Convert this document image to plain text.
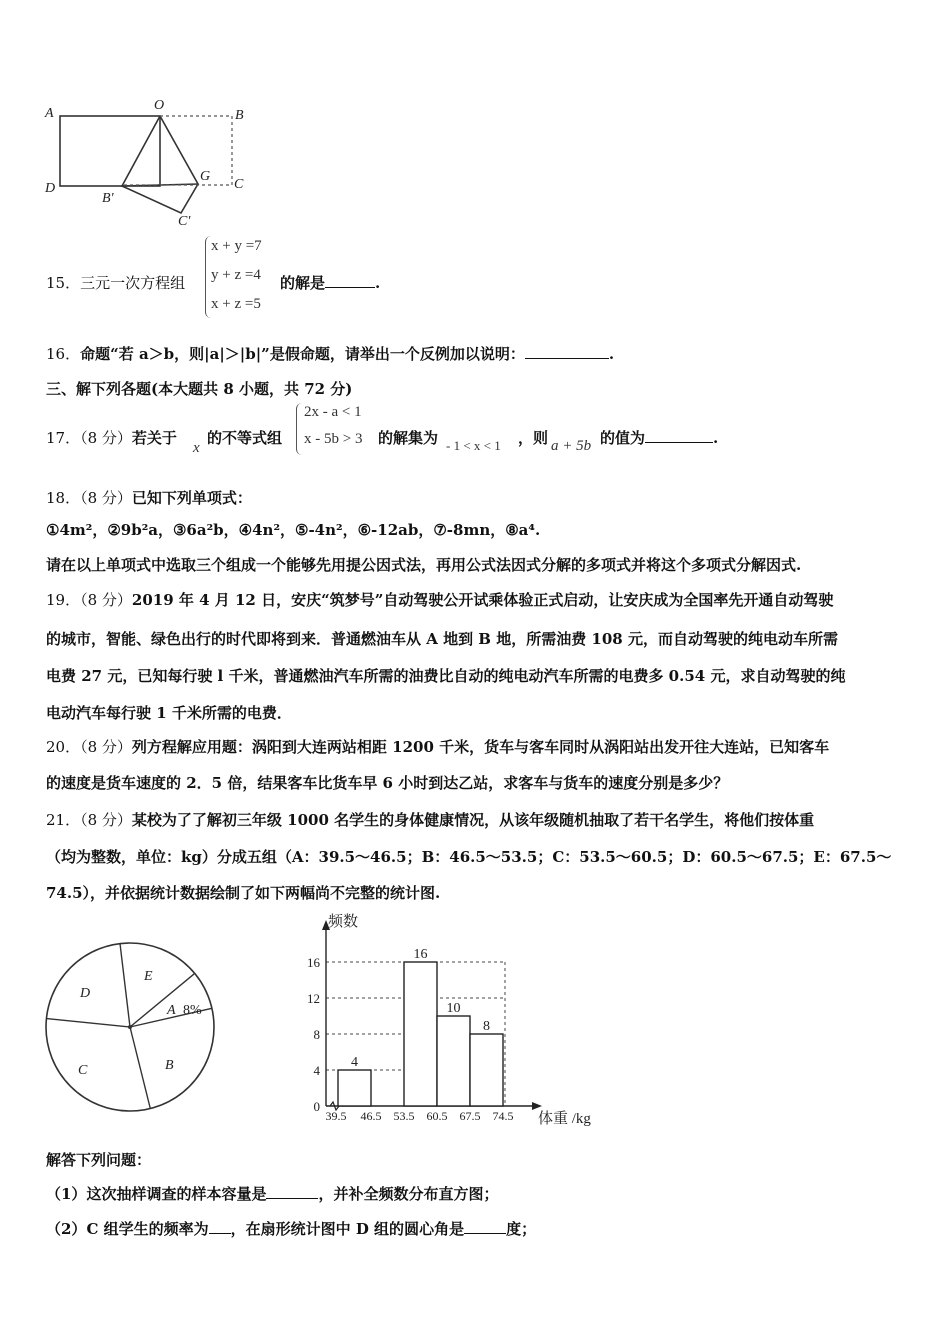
A
O
B
D
B'
G
C
C'
15．三元一次方程组
x + y =7
y + z =4
x + z =5
的解是	.
16．命题“若 a＞b，则|a|＞|b|”是假命题，请举出一个反例加以说明：	.
三、解下列各题(本大题共 8 小题，共 72 分)
17．（8 分）若关于
x
的不等式组
2x - a < 1
x - 5b > 3 的解集为 - 1 < x < 1 ，则 a + 5b 的值为	.
18．（8 分）已知下列单项式：
①4m²，②9b²a，③6a²b，④4n²，⑤-4n²，⑥-12ab，⑦-8mn，⑧a⁴.
请在以上单项式中选取三个组成一个能够先用提公因式法，再用公式法因式分解的多项式并将这个多项式分解因式.
19．（8 分）2019 年 4 月 12 日，安庆“筑梦号”自动驾驶公开试乘体验正式启动，让安庆成为全国率先开通自动驾驶
的城市，智能、绿色出行的时代即将到来．普通燃油车从 A 地到 B 地，所需油费 108 元，而自动驾驶的纯电动车所需
电费 27 元，已知每行驶 l 千米，普通燃油汽车所需的油费比自动的纯电动汽车所需的电费多 0.54 元，求自动驾驶的纯
电动汽车每行驶 1 千米所需的电费．
20．（8 分）列方程解应用题：涡阳到大连两站相距 1200 千米，货车与客车同时从涡阳站出发开往大连站，已知客车
的速度是货车速度的 2．5 倍，结果客车比货车早 6 小时到达乙站，求客车与货车的速度分别是多少？
21．（8 分）某校为了了解初三年级 1000 名学生的身体健康情况，从该年级随机抽取了若干名学生，将他们按体重
（均为整数，单位：kg）分成五组（A：39.5～46.5；B：46.5～53.5；C：53.5～60.5；D：60.5～67.5；E：67.5～
74.5），并依据统计数据绘制了如下两幅尚不完整的统计图.
D
E
A
B
C
8%
0
4
8
12
16
39.5 46.5 53.5 60.5 67.5 74.5
4
16
10
8
频数
体重 /kg
解答下列问题：
（1）这次抽样调查的样本容量是	，并补全频数分布直方图；
（2）C 组学生的频率为 ，在扇形统计图中 D 组的圆心角是	度；
